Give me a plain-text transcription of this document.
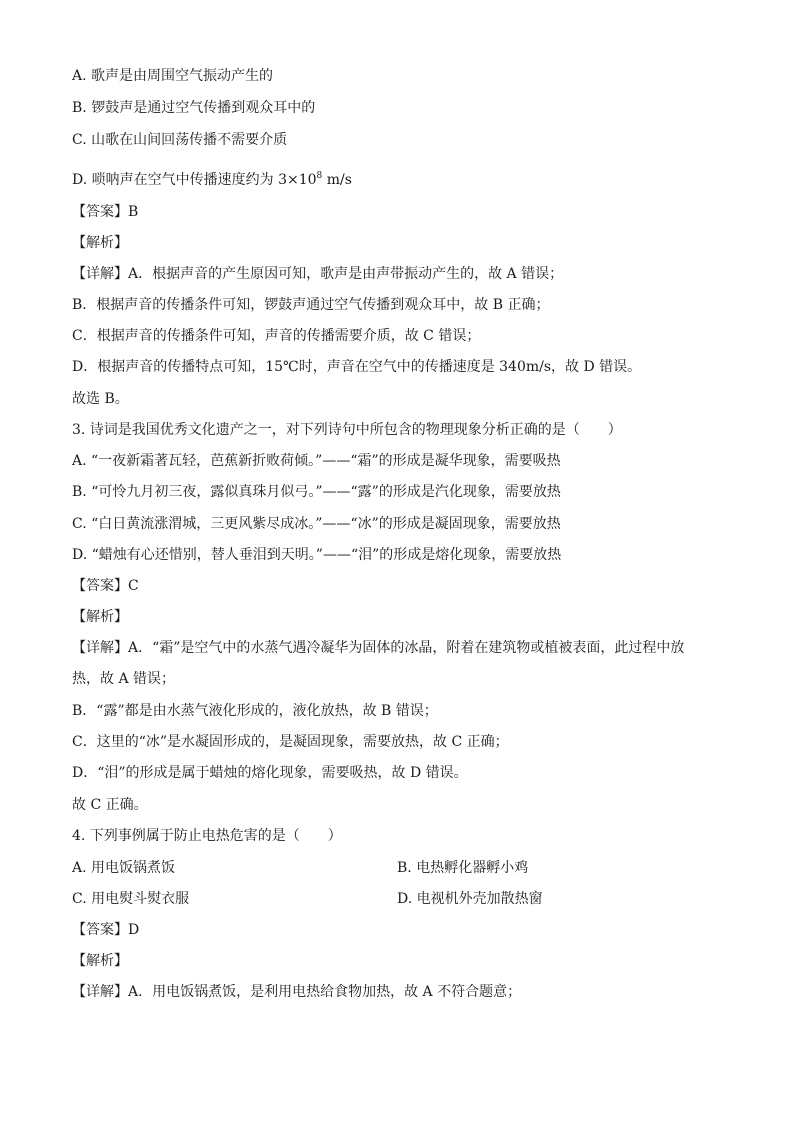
A. 歌声是由周围空气振动产生的
B. 锣鼓声是通过空气传播到观众耳中的
C. 山歌在山间回荡传播不需要介质
D. 唢呐声在空气中传播速度约为 $3\times 10^8$ m/s
【答案】B
【解析】
【详解】A．根据声音的产生原因可知，歌声是由声带振动产生的，故 A 错误；
B．根据声音的传播条件可知，锣鼓声通过空气传播到观众耳中，故 B 正确；
C．根据声音的传播条件可知，声音的传播需要介质，故 C 错误；
D．根据声音的传播特点可知，15℃时，声音在空气中的传播速度是 340m/s，故 D 错误。
故选 B。
3. 诗词是我国优秀文化遗产之一，对下列诗句中所包含的物理现象分析正确的是（　　）
A. “一夜新霜著瓦轻，芭蕉新折败荷倾。”——“霜”的形成是凝华现象，需要吸热
B. “可怜九月初三夜，露似真珠月似弓。”——“露”的形成是汽化现象，需要放热
C. “白日黄流涨渭城，三更风紫尽成冰。”——“冰”的形成是凝固现象，需要放热
D. “蜡烛有心还惜别，替人垂泪到天明。”——“泪”的形成是熔化现象，需要放热
【答案】C
【解析】
【详解】A．“霜”是空气中的水蒸气遇冷凝华为固体的冰晶，附着在建筑物或植被表面，此过程中放
热，故 A 错误；
B．“露”都是由水蒸气液化形成的，液化放热，故 B 错误；
C．这里的“冰”是水凝固形成的，是凝固现象，需要放热，故 C 正确；
D．“泪”的形成是属于蜡烛的熔化现象，需要吸热，故 D 错误。
故 C 正确。
4. 下列事例属于防止电热危害的是（　　）
A. 用电饭锅煮饭	B. 电热孵化器孵小鸡
C. 用电熨斗熨衣服	D. 电视机外壳加散热窗
【答案】D
【解析】
【详解】A．用电饭锅煮饭，是利用电热给食物加热，故 A 不符合题意；
